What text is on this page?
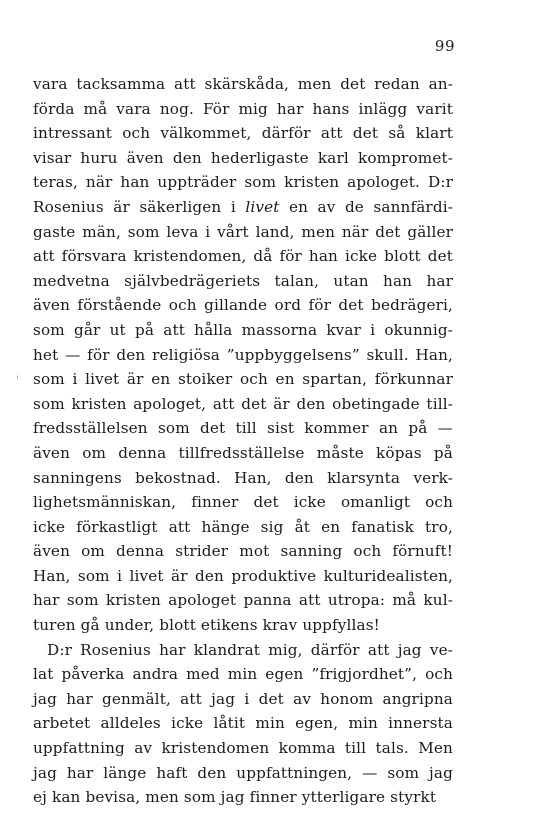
99
'
vara tacksamma att skärskåda, men det redan an-
förda må vara nog. För mig har hans inlägg varit
intressant och välkommet, därför att det så klart
visar huru även den hederligaste karl kompromet-
teras, när han uppträder som kristen apologet. D:r
Rosenius är säkerligen i livet en av de sannfärdi-
gaste män, som leva i vårt land, men när det gäller
att försvara kristendomen, då för han icke blott det
medvetna självbedrägeriets talan, utan han har
även förstående och gillande ord för det bedrägeri,
som går ut på att hålla massorna kvar i okunnig-
het — för den religiösa ”uppbyggelsens” skull. Han,
som i livet är en stoiker och en spartan, förkunnar
som kristen apologet, att det är den obetingade till-
fredsställelsen som det till sist kommer an på —
även om denna tillfredsställelse måste köpas på
sanningens bekostnad. Han, den klarsynta verk-
lighetsmänniskan, finner det icke omanligt och
icke förkastligt att hänge sig åt en fanatisk tro,
även om denna strider mot sanning och förnuft!
Han, som i livet är den produktive kulturidealisten,
har som kristen apologet panna att utropa: må kul-
turen gå under, blott etikens krav uppfyllas!
D:r Rosenius har klandrat mig, därför att jag ve-
lat påverka andra med min egen ”frigjordhet”, och
jag har genmält, att jag i det av honom angripna
arbetet alldeles icke låtit min egen, min innersta
uppfattning av kristendomen komma till tals. Men
jag har länge haft den uppfattningen, — som jag
ej kan bevisa, men som jag finner ytterligare styrkt
